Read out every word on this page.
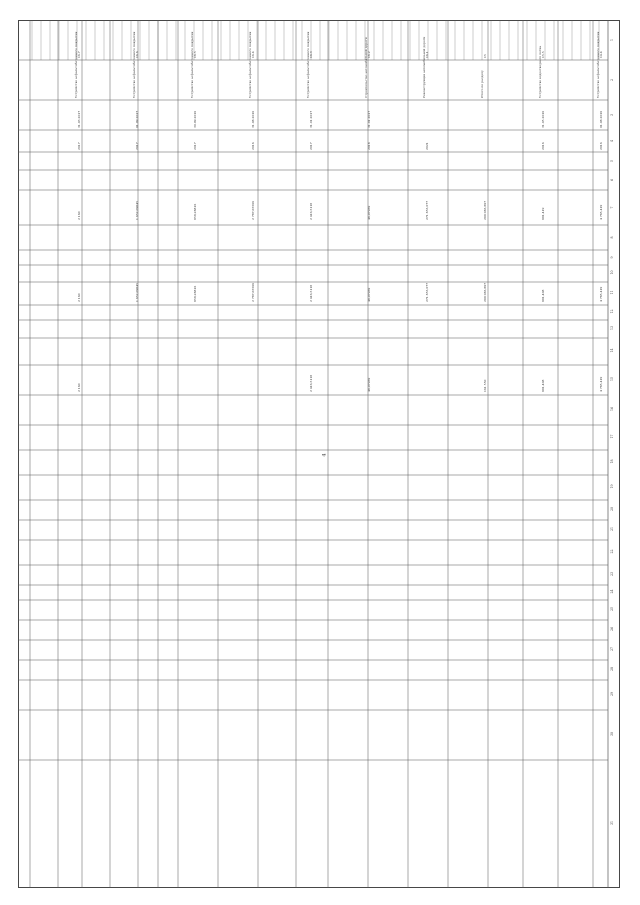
1
2
3
4
5
6
7
8
9
10
11
12
13
14
15
16
17
18
19
20
21
22
23
24
25
26
27
28
29
30
31
14.4
Устройство асфальтобетонного покрытия
01.08.2016
2016
4 785,419
4 785,419
4 785,419
15.5
Устройство водоотводного лотка
31.05.2016
2016
991,419
991,408
991,408
15
Итого по разделу
299 083,897
299 083,897
161 550
16.1
Реконструкция автомобильной дороги
2021
271 853,077
271 853,077
16.2
Строительство автомобильной дороги
31.01.2017
2018
48,97939
48,97939
48,97939
16.3
Устройство асфальтобетонного покрытия
31.01.2017
2017
2 416,5118
2 416,5118
2 416,5118
16.4
Устройство асфальтобетонного покрытия
31.08.2016
2016
2 787,65566
2 787,65566
16.5
Устройство асфальтобетонного покрытия
30.09.2016
2017
858,28816
858,28816
16.6
Устройство асфальтобетонного покрытия
01.09.2017
2017
1 652,09645
1 652,09645
16.7
Устройство асфальтобетонного покрытия
31.03.2017
2017
2 160
2 160
2 160
4
